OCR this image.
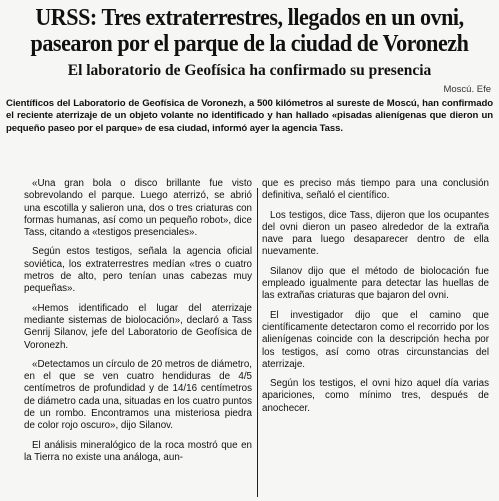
URSS: Tres extraterrestres, llegados en un ovni,
pasearon por el parque de la ciudad de Voronezh
El laboratorio de Geofísica ha confirmado su presencia
Moscú. Efe

Científicos del Laboratorio de Geofísica de Voronezh, a 500 kilómetros al sureste de Moscú, han confirmado el reciente aterrizaje de un objeto volante no identificado y han hallado «pisadas alienígenas que dieron un pequeño paseo por el parque» de esa ciudad, informó ayer la agencia Tass.

«Una gran bola o disco brillante fue visto sobrevolando el parque. Luego aterrizó, se abrió una escotilla y salieron una, dos o tres criaturas con formas humanas, así como un pequeño robot», dice Tass, citando a «testigos presenciales».

Según estos testigos, señala la agencia oficial soviética, los extraterrestres medían «tres o cuatro metros de alto, pero tenían unas cabezas muy pequeñas».

«Hemos identificado el lugar del aterrizaje mediante sistemas de biolocación», declaró a Tass Genrij Silanov, jefe del Laboratorio de Geofísica de Voronezh.

«Detectamos un círculo de 20 metros de diámetro, en el que se ven cuatro hendiduras de 4/5 centímetros de profundidad y de 14/16 centímetros de diámetro cada una, situadas en los cuatro puntos de un rombo. Encontramos una misteriosa piedra de color rojo oscuro», dijo Silanov.

El análisis mineralógico de la roca mostró que en la Tierra no existe una análoga, aun-

que es preciso más tiempo para una conclusión definitiva, señaló el científico.

Los testigos, dice Tass, dijeron que los ocupantes del ovni dieron un paseo alrededor de la extraña nave para luego desaparecer dentro de ella nuevamente.

Silanov dijo que el método de biolocación fue empleado igualmente para detectar las huellas de las extrañas criaturas que bajaron del ovni.

El investigador dijo que el camino que científicamente detectaron como el recorrido por los alienígenas coincide con la descripción hecha por los testigos, así como otras circunstancias del aterrizaje.

Según los testigos, el ovni hizo aquel día varias apariciones, como mínimo tres, después de anochecer.
